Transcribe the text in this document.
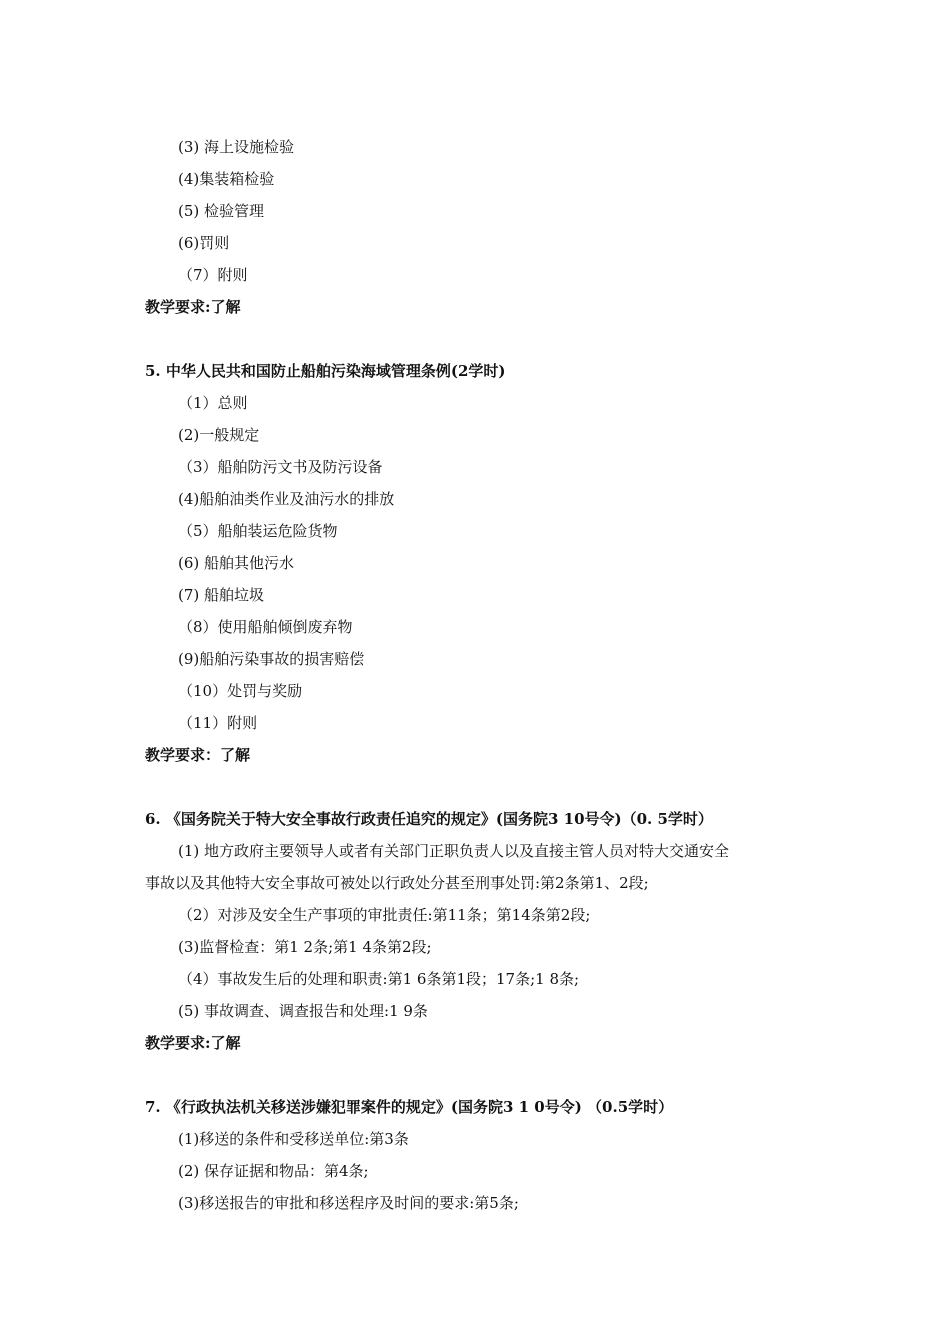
(3) 海上设施检验
(4)集装箱检验
(5) 检验管理
(6)罚则
（7）附则
教学要求:了解
5. 中华人民共和国防止船舶污染海域管理条例(2学时)
（1）总则
(2)一般规定
（3）船舶防污文书及防污设备
(4)船舶油类作业及油污水的排放
（5）船舶装运危险货物
(6) 船舶其他污水
(7) 船舶垃圾
（8）使用船舶倾倒废弃物
(9)船舶污染事故的损害赔偿
（10）处罚与奖励
（11）附则
教学要求：了解
6. 《国务院关于特大安全事故行政责任追究的规定》(国务院3 10号令)（0. 5学时）
(1) 地方政府主要领导人或者有关部门正职负责人以及直接主管人员对特大交通安全
事故以及其他特大安全事故可被处以行政处分甚至刑事处罚:第2条第1、2段;
（2）对涉及安全生产事项的审批责任:第11条；第14条第2段;
(3)监督检查：第1 2条;第1 4条第2段;
（4）事故发生后的处理和职责:第1 6条第1段；17条;1 8条;
(5) 事故调查、调查报告和处理:1 9条
教学要求:了解
7. 《行政执法机关移送涉嫌犯罪案件的规定》(国务院3 1 0号令) （0.5学时）
(1)移送的条件和受移送单位:第3条
(2) 保存证据和物品：第4条;
(3)移送报告的审批和移送程序及时间的要求:第5条;
